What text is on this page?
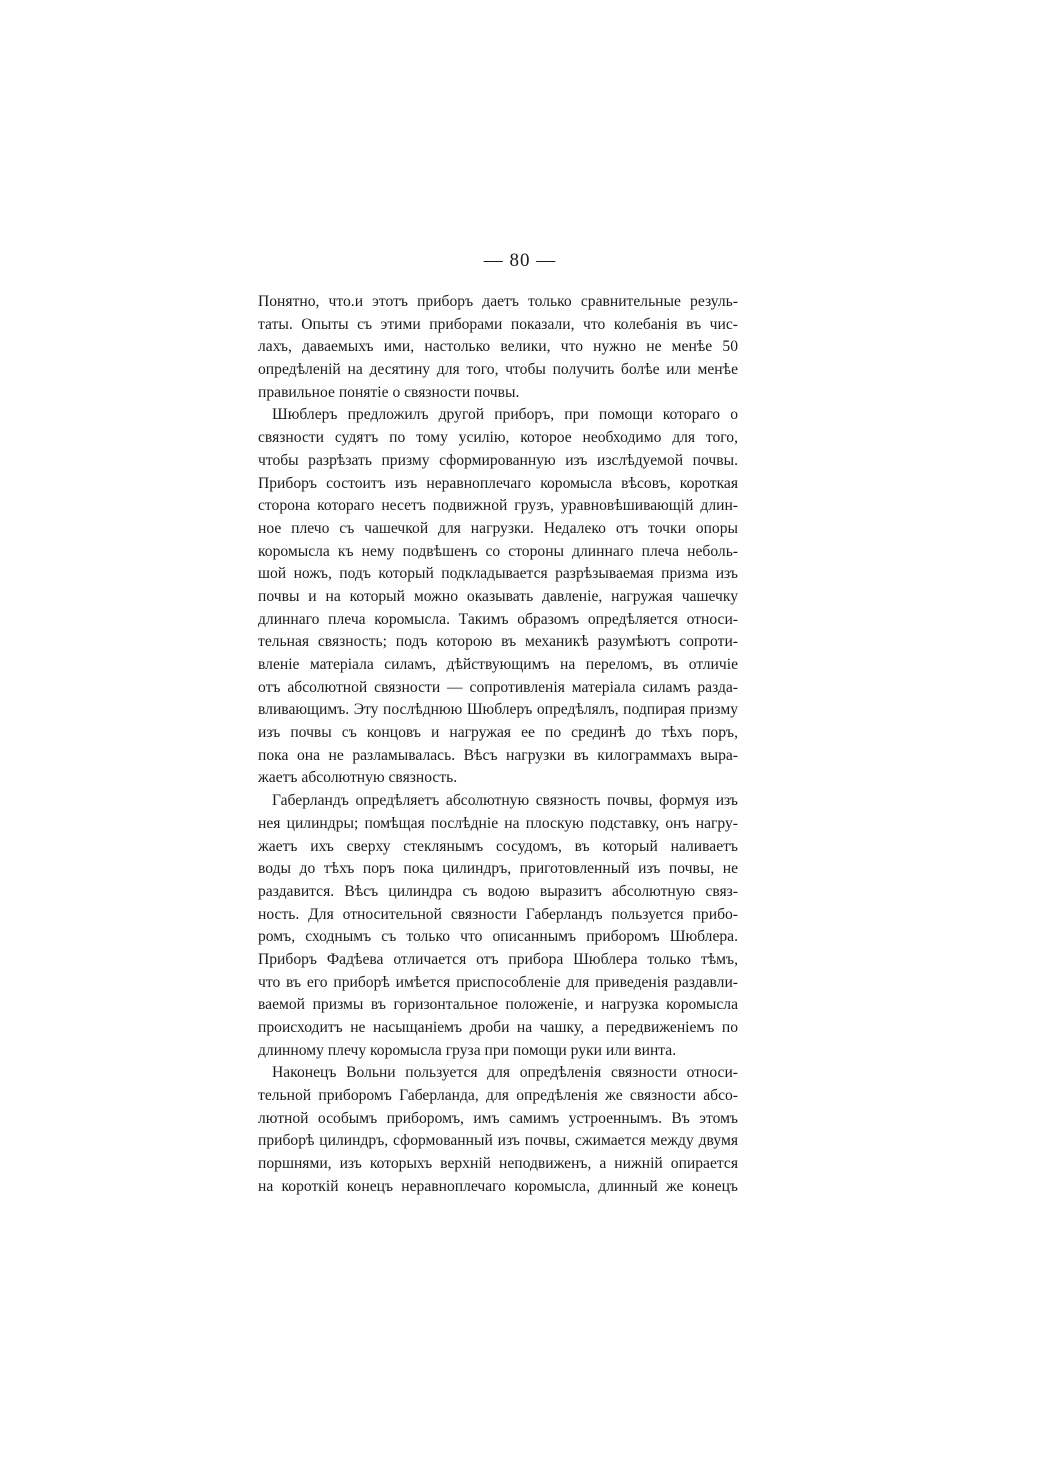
— 80 —
Понятно, что.и этотъ приборъ даетъ только сравнительные резуль-
таты. Опыты съ этими приборами показали, что колебанія въ чис-
лахъ, даваемыхъ ими, настолько велики, что нужно не менѣе 50
опредѣленій на десятину для того, чтобы получить болѣе или менѣе
правильное понятіе о связности почвы.
Шюблеръ предложилъ другой приборъ, при помощи котораго о
связности судятъ по тому усилію, которое необходимо для того,
чтобы разрѣзать призму сформированную изъ изслѣдуемой почвы.
Приборъ состоитъ изъ неравноплечаго коромысла вѣсовъ, короткая
сторона котораго несетъ подвижной грузъ, уравновѣшивающій длин-
ное плечо съ чашечкой для нагрузки. Недалеко отъ точки опоры
коромысла къ нему подвѣшенъ со стороны длиннаго плеча неболь-
шой ножъ, подъ который подкладывается разрѣзываемая призма изъ
почвы и на который можно оказывать давленіе, нагружая чашечку
длиннаго плеча коромысла. Такимъ образомъ опредѣляется относи-
тельная связность; подъ которою въ механикѣ разумѣютъ сопроти-
вленіе матеріала силамъ, дѣйствующимъ на переломъ, въ отличіе
отъ абсолютной связности — сопротивленія матеріала силамъ разда-
вливающимъ. Эту послѣднюю Шюблеръ опредѣлялъ, подпирая призму
изъ почвы съ концовъ и нагружая ее по срединѣ до тѣхъ поръ,
пока она не разламывалась. Вѣсъ нагрузки въ килограммахъ выра-
жаетъ абсолютную связность.
Габерландъ опредѣляетъ абсолютную связность почвы, формуя изъ
нея цилиндры; помѣщая послѣдніе на плоскую подставку, онъ нагру-
жаетъ ихъ сверху стеклянымъ сосудомъ, въ который наливаетъ
воды до тѣхъ поръ пока цилиндръ, приготовленный изъ почвы, не
раздавится. Вѣсъ цилиндра съ водою выразитъ абсолютную связ-
ность. Для относительной связности Габерландъ пользуется прибо-
ромъ, сходнымъ съ только что описаннымъ приборомъ Шюблера.
Приборъ Фадѣева отличается отъ прибора Шюблера только тѣмъ,
что въ его приборѣ имѣется приспособленіе для приведенія раздавли-
ваемой призмы въ горизонтальное положеніе, и нагрузка коромысла
происходитъ не насыщаніемъ дроби на чашку, а передвиженіемъ по
длинному плечу коромысла груза при помощи руки или винта.
Наконецъ Вольни пользуется для опредѣленія связности относи-
тельной приборомъ Габерланда, для опредѣленія же связности абсо-
лютной особымъ приборомъ, имъ самимъ устроеннымъ. Въ этомъ
приборѣ цилиндръ, сформованный изъ почвы, сжимается между двумя
поршнями, изъ которыхъ верхній неподвиженъ, а нижній опирается
на короткій конецъ неравноплечаго коромысла, длинный же конецъ
